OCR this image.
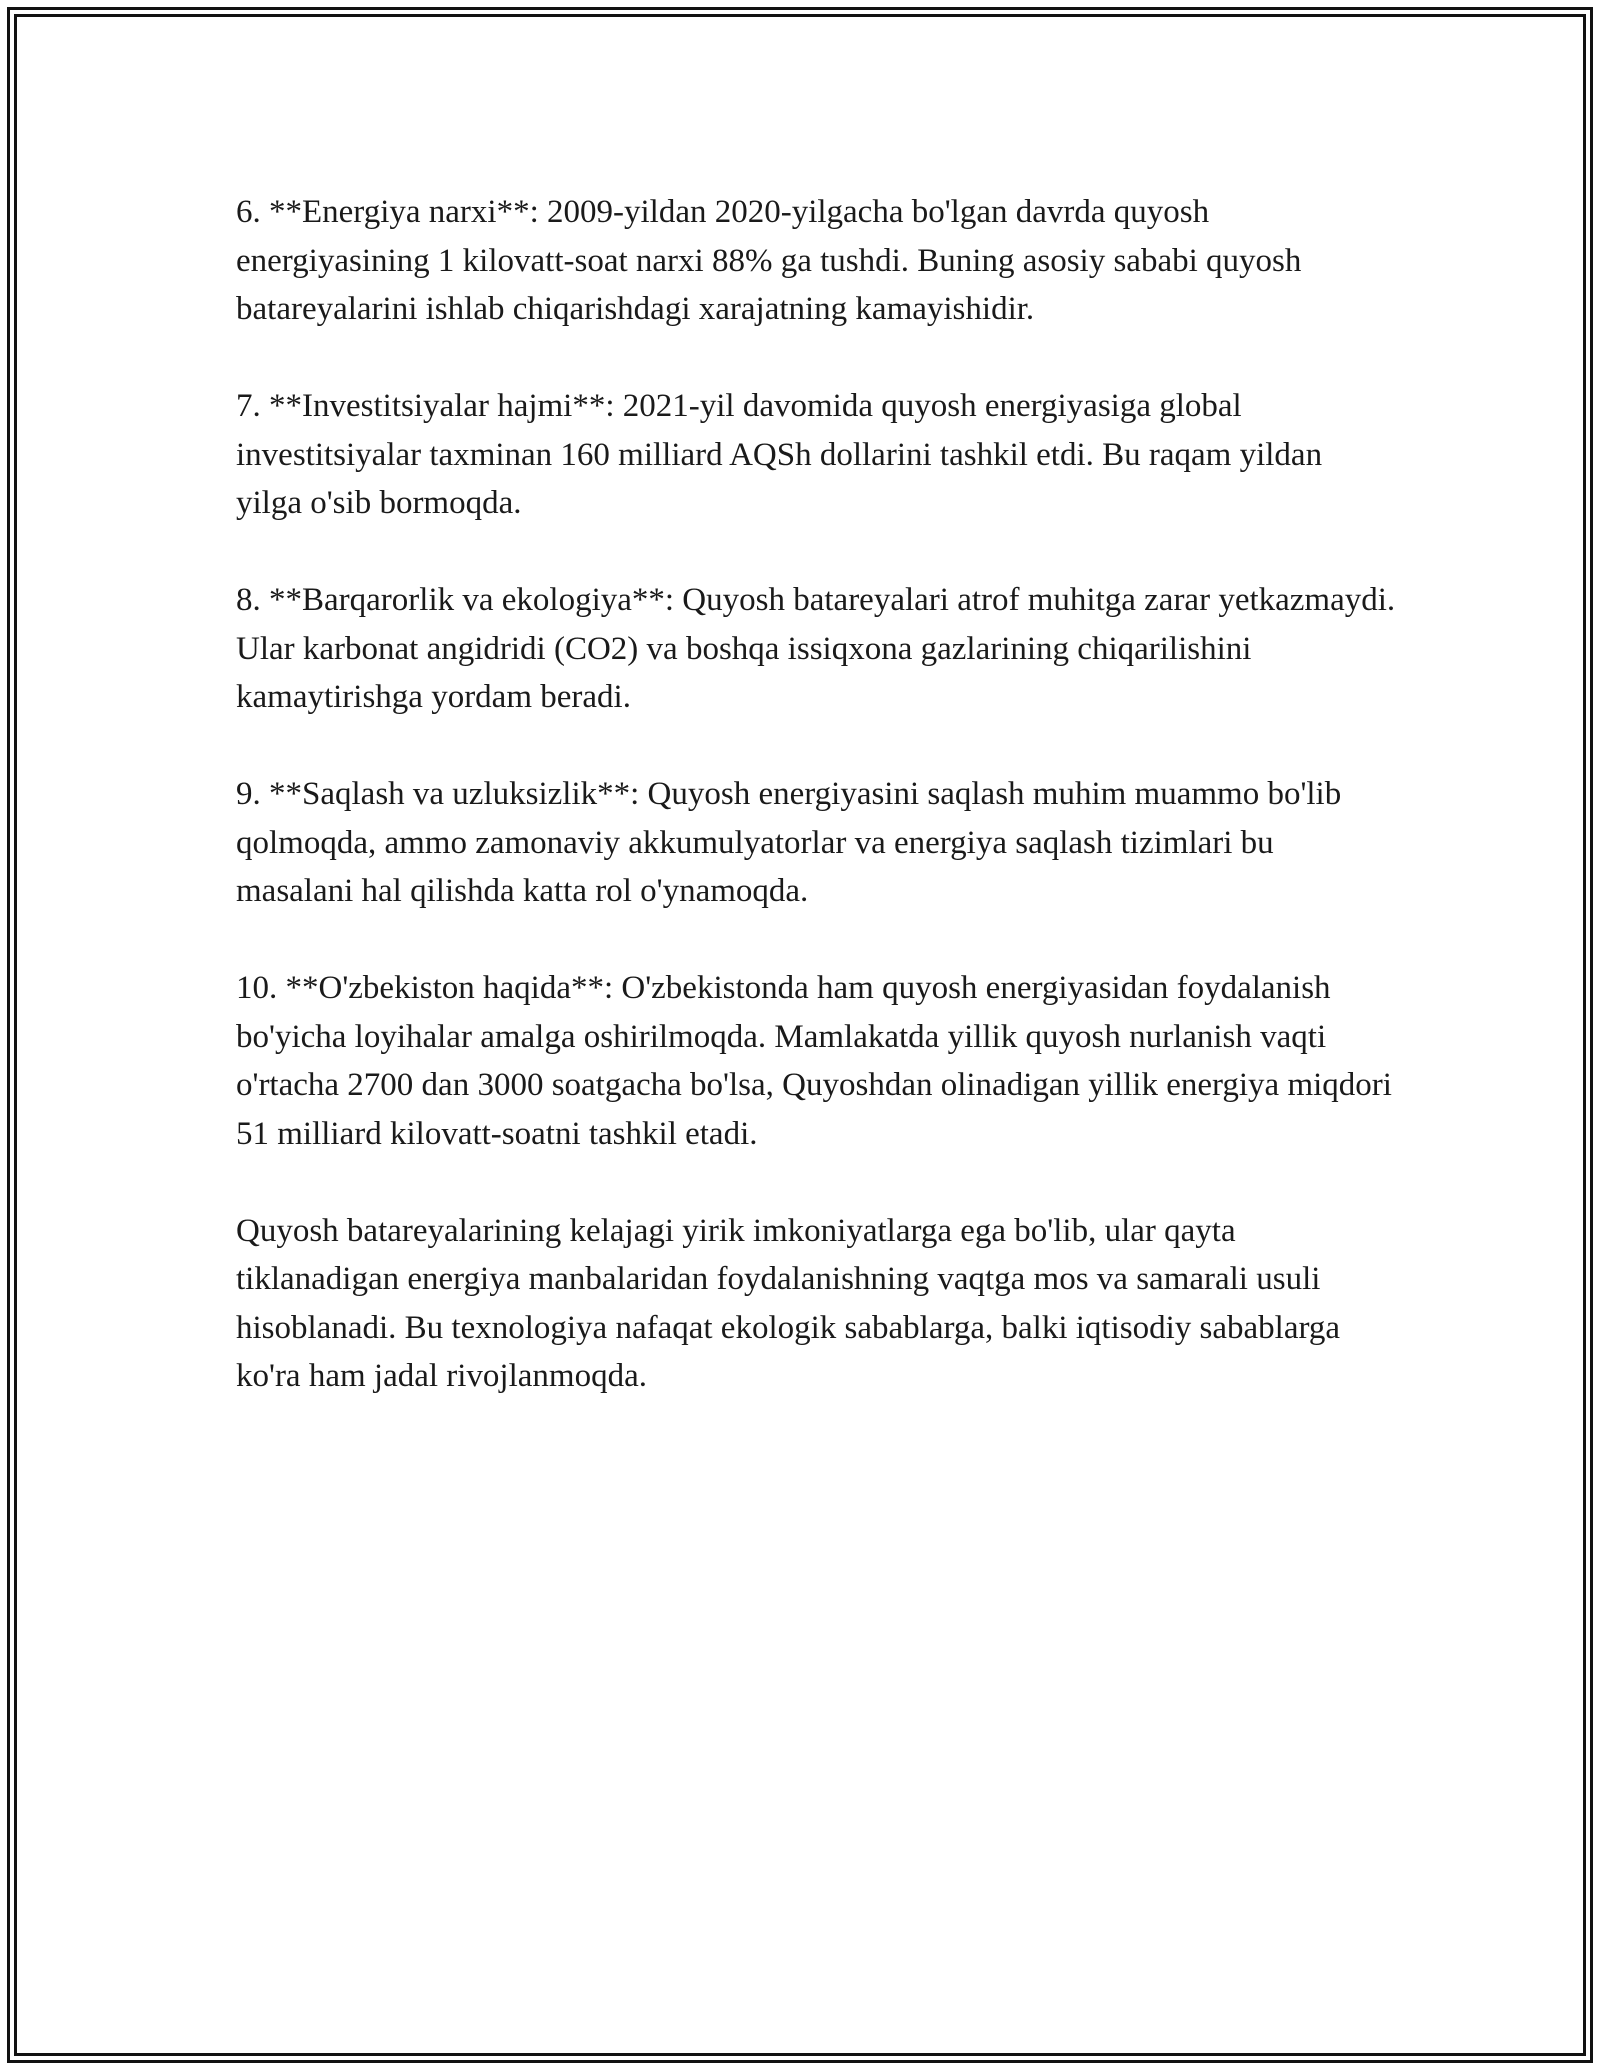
6. **Energiya narxi**: 2009-yildan 2020-yilgacha bo'lgan davrda quyosh energiyasining 1 kilovatt-soat narxi 88% ga tushdi. Buning asosiy sababi quyosh batareyalarini ishlab chiqarishdagi xarajatning kamayishidir.

7. **Investitsiyalar hajmi**: 2021-yil davomida quyosh energiyasiga global investitsiyalar taxminan 160 milliard AQSh dollarini tashkil etdi. Bu raqam yildan yilga o'sib bormoqda.

8. **Barqarorlik va ekologiya**: Quyosh batareyalari atrof muhitga zarar yetkazmaydi. Ular karbonat angidridi (CO2) va boshqa issiqxona gazlarining chiqarilishini kamaytirishga yordam beradi.

9. **Saqlash va uzluksizlik**: Quyosh energiyasini saqlash muhim muammo bo'lib qolmoqda, ammo zamonaviy akkumulyatorlar va energiya saqlash tizimlari bu masalani hal qilishda katta rol o'ynamoqda.

10. **O'zbekiston haqida**: O'zbekistonda ham quyosh energiyasidan foydalanish bo'yicha loyihalar amalga oshirilmoqda. Mamlakatda yillik quyosh nurlanish vaqti o'rtacha 2700 dan 3000 soatgacha bo'lsa, Quyoshdan olinadigan yillik energiya miqdori 51 milliard kilovatt-soatni tashkil etadi.

Quyosh batareyalarining kelajagi yirik imkoniyatlarga ega bo'lib, ular qayta tiklanadigan energiya manbalaridan foydalanishning vaqtga mos va samarali usuli hisoblanadi. Bu texnologiya nafaqat ekologik sabablarga, balki iqtisodiy sabablarga ko'ra ham jadal rivojlanmoqda.
